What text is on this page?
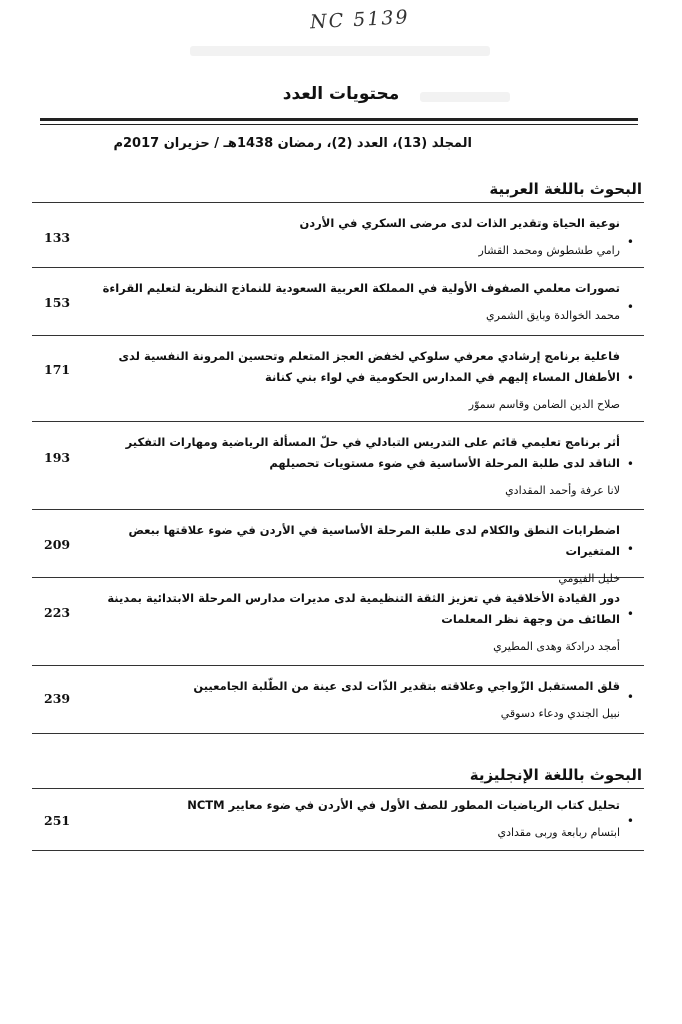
NC 5139
محتويات العدد
المجلد (13)، العدد (2)، رمضان 1438هـ / حزيران 2017م
البحوث باللغة العربية
•
نوعية الحياة وتقدير الذات لدى مرضى السكري في الأردن
رامي طشطوش ومحمد القشار
133
•
تصورات معلمي الصفوف الأولية في المملكة العربية السعودية للنماذج النظرية لتعليم القراءة
محمد الخوالدة وبايق الشمري
153
•
فاعلية برنامج إرشادي معرفي سلوكي لخفض العجز المتعلم وتحسين المرونة النفسية لدى الأطفال المساء إليهم في المدارس الحكومية في لواء بني كنانة
صلاح الدين الضامن وقاسم سموّر
171
•
أثر برنامج تعليمي قائم على التدريس التبادلي في حلّ المسألة الرياضية ومهارات التفكير الناقد لدى طلبة المرحلة الأساسية في ضوء مستويات تحصيلهم
لانا عرفة وأحمد المقدادي
193
•
اضطرابات النطق والكلام لدى طلبة المرحلة الأساسية في الأردن في ضوء علاقتها ببعض المتغيرات
خليل الفيومي
209
•
دور القيادة الأخلاقية في تعزيز الثقة التنظيمية لدى مديرات مدارس المرحلة الابتدائية بمدينة الطائف من وجهة نظر المعلمات
أمجد درادكة وهدى المطيري
223
•
قلق المستقبل الزّواجي وعلاقته بتقدير الذّات لدى عينة من الطّلبة الجامعيين
نبيل الجندي ودعاء دسوقي
239
البحوث باللغة الإنجليزية
•
تحليل كتاب الرياضيات المطور للصف الأول في الأردن في ضوء معايير NCTM
ابتسام ربابعة وربى مقدادي
251
